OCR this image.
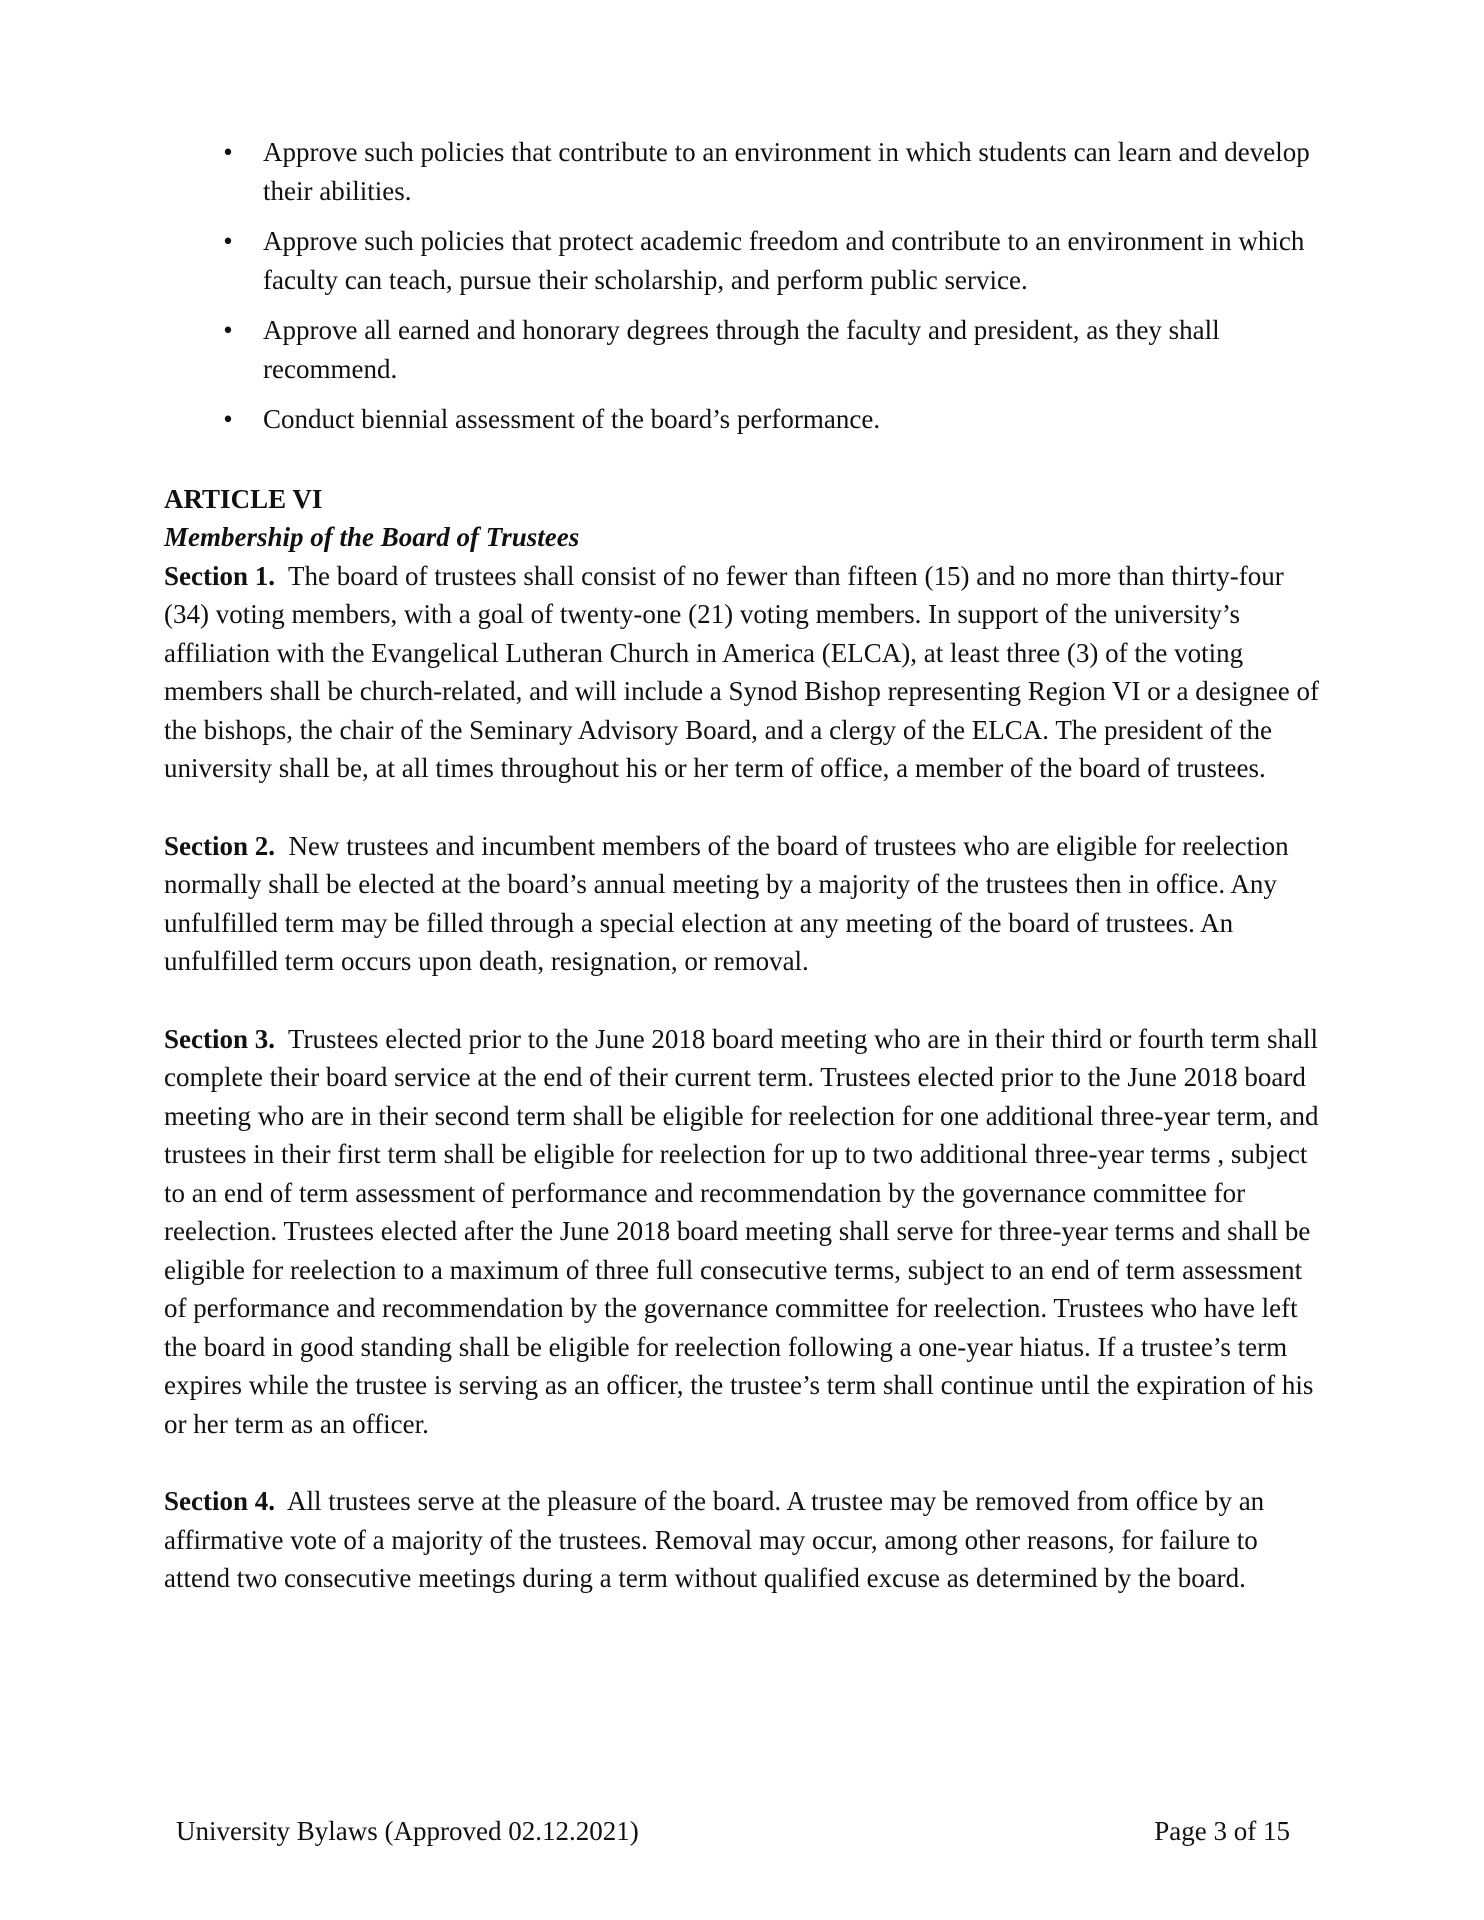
• Approve such policies that contribute to an environment in which students can learn and develop their abilities.
• Approve such policies that protect academic freedom and contribute to an environment in which faculty can teach, pursue their scholarship, and perform public service.
• Approve all earned and honorary degrees through the faculty and president, as they shall recommend.
• Conduct biennial assessment of the board’s performance.
ARTICLE VI
Membership of the Board of Trustees

Section 1. The board of trustees shall consist of no fewer than fifteen (15) and no more than thirty-four (34) voting members, with a goal of twenty-one (21) voting members. In support of the university’s affiliation with the Evangelical Lutheran Church in America (ELCA), at least three (3) of the voting members shall be church-related, and will include a Synod Bishop representing Region VI or a designee of the bishops, the chair of the Seminary Advisory Board, and a clergy of the ELCA. The president of the university shall be, at all times throughout his or her term of office, a member of the board of trustees.

Section 2. New trustees and incumbent members of the board of trustees who are eligible for reelection normally shall be elected at the board’s annual meeting by a majority of the trustees then in office. Any unfulfilled term may be filled through a special election at any meeting of the board of trustees. An unfulfilled term occurs upon death, resignation, or removal.

Section 3. Trustees elected prior to the June 2018 board meeting who are in their third or fourth term shall complete their board service at the end of their current term. Trustees elected prior to the June 2018 board meeting who are in their second term shall be eligible for reelection for one additional three-year term, and trustees in their first term shall be eligible for reelection for up to two additional three-year terms , subject to an end of term assessment of performance and recommendation by the governance committee for reelection. Trustees elected after the June 2018 board meeting shall serve for three-year terms and shall be eligible for reelection to a maximum of three full consecutive terms, subject to an end of term assessment of performance and recommendation by the governance committee for reelection. Trustees who have left the board in good standing shall be eligible for reelection following a one-year hiatus. If a trustee’s term expires while the trustee is serving as an officer, the trustee’s term shall continue until the expiration of his or her term as an officer.

Section 4. All trustees serve at the pleasure of the board. A trustee may be removed from office by an affirmative vote of a majority of the trustees. Removal may occur, among other reasons, for failure to attend two consecutive meetings during a term without qualified excuse as determined by the board.

University Bylaws (Approved 02.12.2021)	Page 3 of 15
